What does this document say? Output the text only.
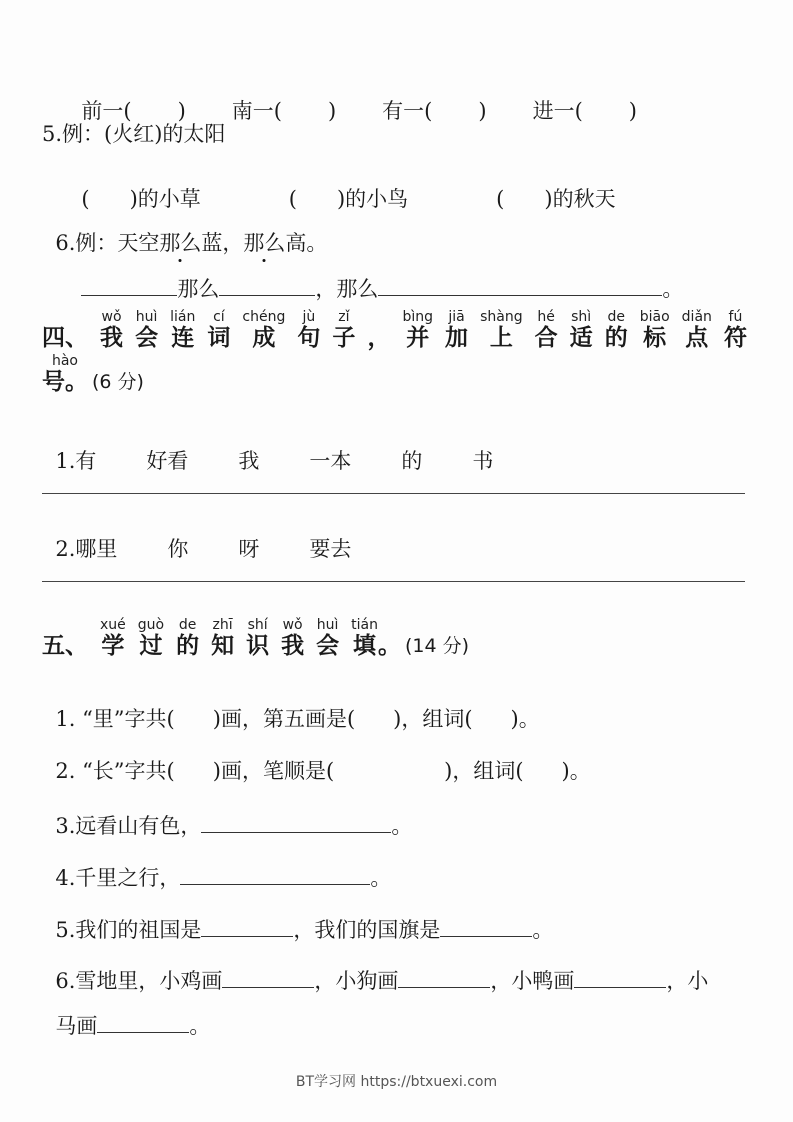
前一( ) 南一( ) 有一( ) 进一( )

5.例：(火红)的太阳

( )的小草	( )的小鸟	( )的秋天

6.例：天空那么蓝，那么高。

那么	，那么	。

四、
wǒ
我
huì
会
lián
连
cí
词
chéng
成
jù
句
zǐ
子 ，
bìng
并
jiā
加
shàng
上
hé
合
shì
适
de
的
biāo
标
diǎn
点
fú
符
hào
号。 (6 分)

1.有 好看 我 一本 的 书

2.哪里 你 呀 要去

五、
xué
学
guò
过
de
的
zhī
知
shí
识
wǒ
我
huì
会
tián
填 。 (14 分)

1. “里”字共( )画，第五画是( )，组词( )。

2. “长”字共( )画，笔顺是(	)，组词( )。

3.远看山有色，	。

4.千里之行，	。

5.我们的祖国是	，我们的国旗是	。

6.雪地里，小鸡画	，小狗画	，小鸭画	，小

马画	。

BT学习网 https://btxuexi.com
